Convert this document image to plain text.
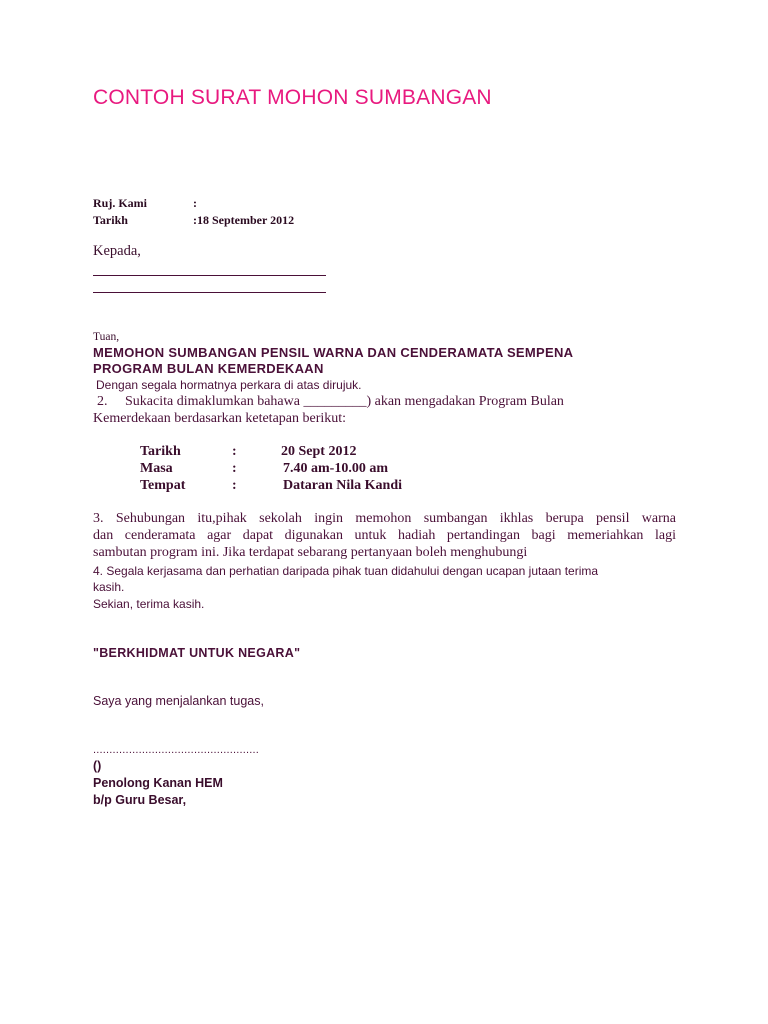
CONTOH SURAT MOHON SUMBANGAN
Ruj. Kami	:
Tarikh	:18 September 2012
Kepada,
Tuan,
MEMOHON SUMBANGAN PENSIL WARNA DAN CENDERAMATA SEMPENA
PROGRAM BULAN KEMERDEKAAN
Dengan segala hormatnya perkara di atas dirujuk.
2. Sukacita dimaklumkan bahawa _________) akan mengadakan Program Bulan
Kemerdekaan berdasarkan ketetapan berikut:
Tarikh	:	20 Sept 2012
Masa	:	7.40 am-10.00 am
Tempat	:	Dataran Nila Kandi
3. Sehubungan itu,pihak sekolah ingin memohon sumbangan ikhlas berupa pensil warna
dan cenderamata agar dapat digunakan untuk hadiah pertandingan bagi memeriahkan lagi
sambutan program ini. Jika terdapat sebarang pertanyaan boleh menghubungi
4. Segala kerjasama dan perhatian daripada pihak tuan didahului dengan ucapan jutaan terima
kasih.
Sekian, terima kasih.
"BERKHIDMAT UNTUK NEGARA"
Saya yang menjalankan tugas,
...................................................
()
Penolong Kanan HEM
b/p Guru Besar,
